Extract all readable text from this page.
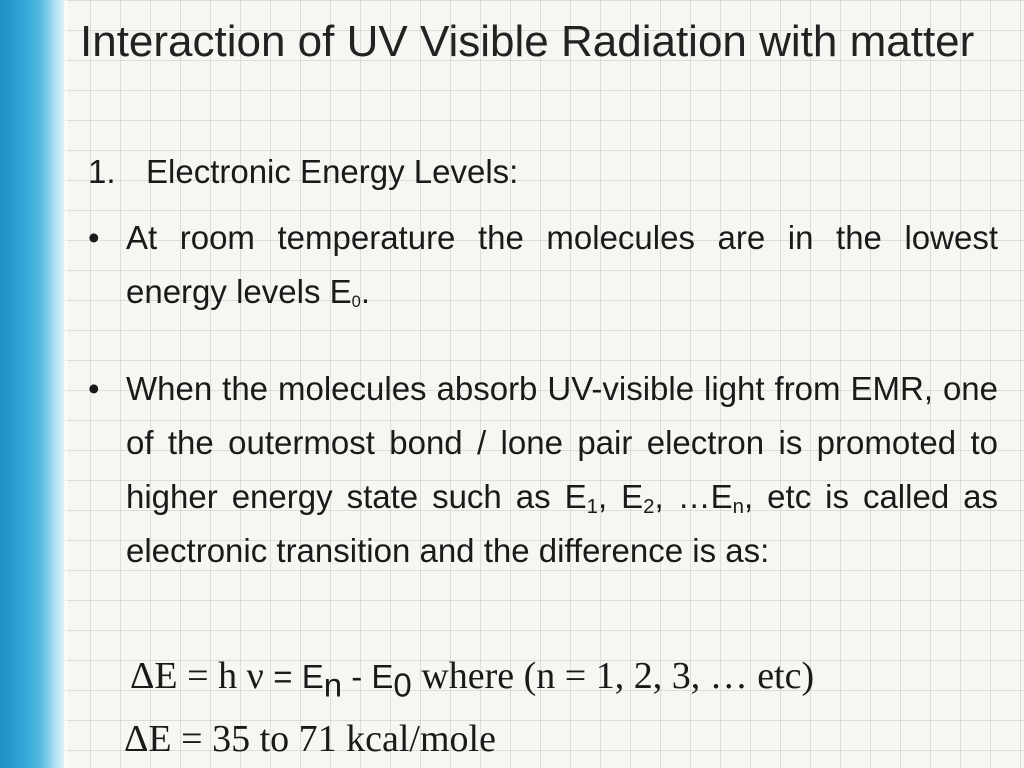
Interaction of UV Visible Radiation with matter
1. Electronic Energy Levels:
• At room temperature the molecules are in the lowest energy levels $E_0$.
• When the molecules absorb UV-visible light from EMR, one of the outermost bond / lone pair electron is promoted to higher energy state such as $E_1$, $E_2$, $\dots E_n$, etc is called as electronic transition and the difference is as:
ΔE = h $\nu = E_n - E_0$ where (n = 1, 2, 3, … etc)
ΔE = 35 to 71 kcal/mole
